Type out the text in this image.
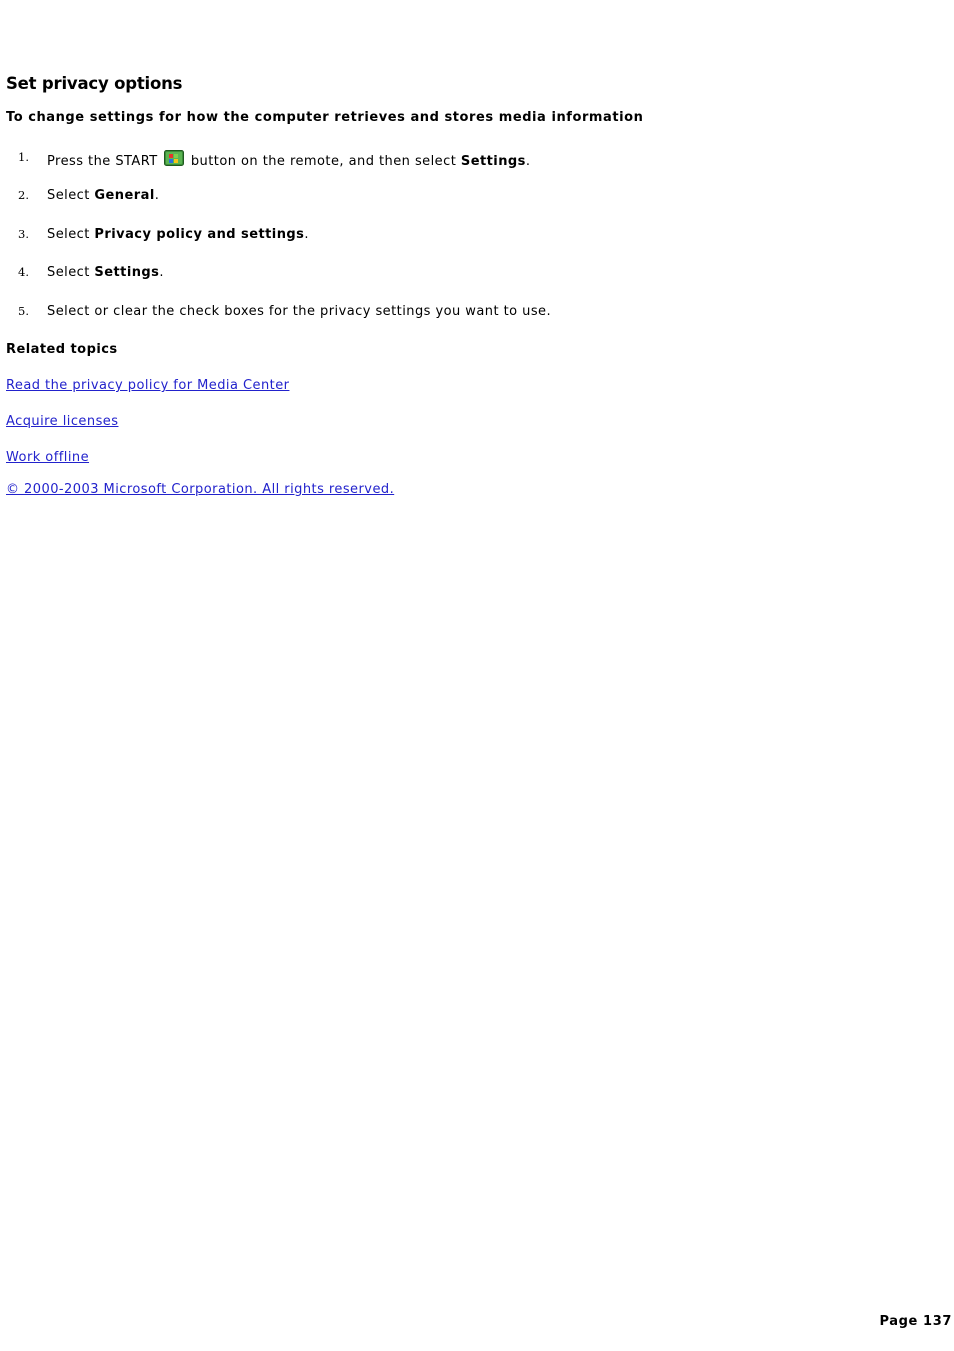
Set privacy options
To change settings for how the computer retrieves and stores media information
1. Press the START	button on the remote, and then select Settings.
2. Select General.
3. Select Privacy policy and settings.
4. Select Settings.
5. Select or clear the check boxes for the privacy settings you want to use.
Related topics
Read the privacy policy for Media Center
Acquire licenses
Work offline
© 2000-2003 Microsoft Corporation. All rights reserved.
Page 137
